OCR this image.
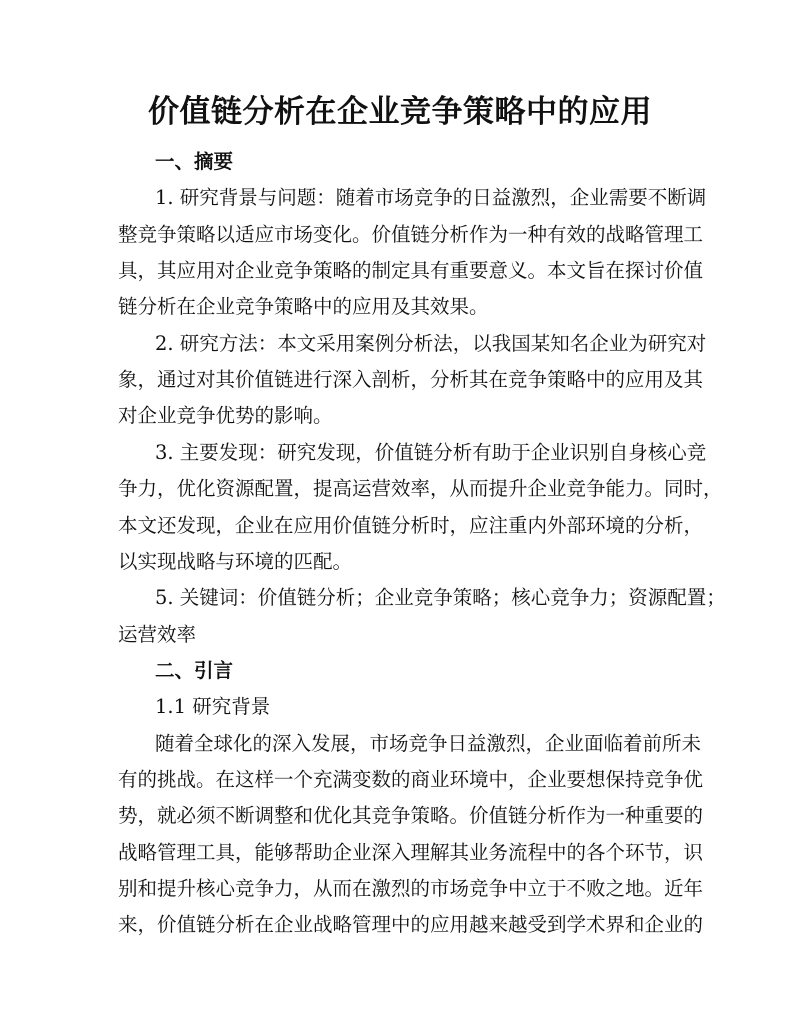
价值链分析在企业竞争策略中的应用
一、摘要
1. 研究背景与问题：随着市场竞争的日益激烈，企业需要不断调
整竞争策略以适应市场变化。价值链分析作为一种有效的战略管理工
具，其应用对企业竞争策略的制定具有重要意义。本文旨在探讨价值
链分析在企业竞争策略中的应用及其效果。
2. 研究方法：本文采用案例分析法，以我国某知名企业为研究对
象，通过对其价值链进行深入剖析，分析其在竞争策略中的应用及其
对企业竞争优势的影响。
3. 主要发现：研究发现，价值链分析有助于企业识别自身核心竞
争力，优化资源配置，提高运营效率，从而提升企业竞争能力。同时，
本文还发现，企业在应用价值链分析时，应注重内外部环境的分析，
以实现战略与环境的匹配。
5. 关键词：价值链分析；企业竞争策略；核心竞争力；资源配置；
运营效率
二、引言
1.1 研究背景
随着全球化的深入发展，市场竞争日益激烈，企业面临着前所未
有的挑战。在这样一个充满变数的商业环境中，企业要想保持竞争优
势，就必须不断调整和优化其竞争策略。价值链分析作为一种重要的
战略管理工具，能够帮助企业深入理解其业务流程中的各个环节，识
别和提升核心竞争力，从而在激烈的市场竞争中立于不败之地。近年
来，价值链分析在企业战略管理中的应用越来越受到学术界和企业的
